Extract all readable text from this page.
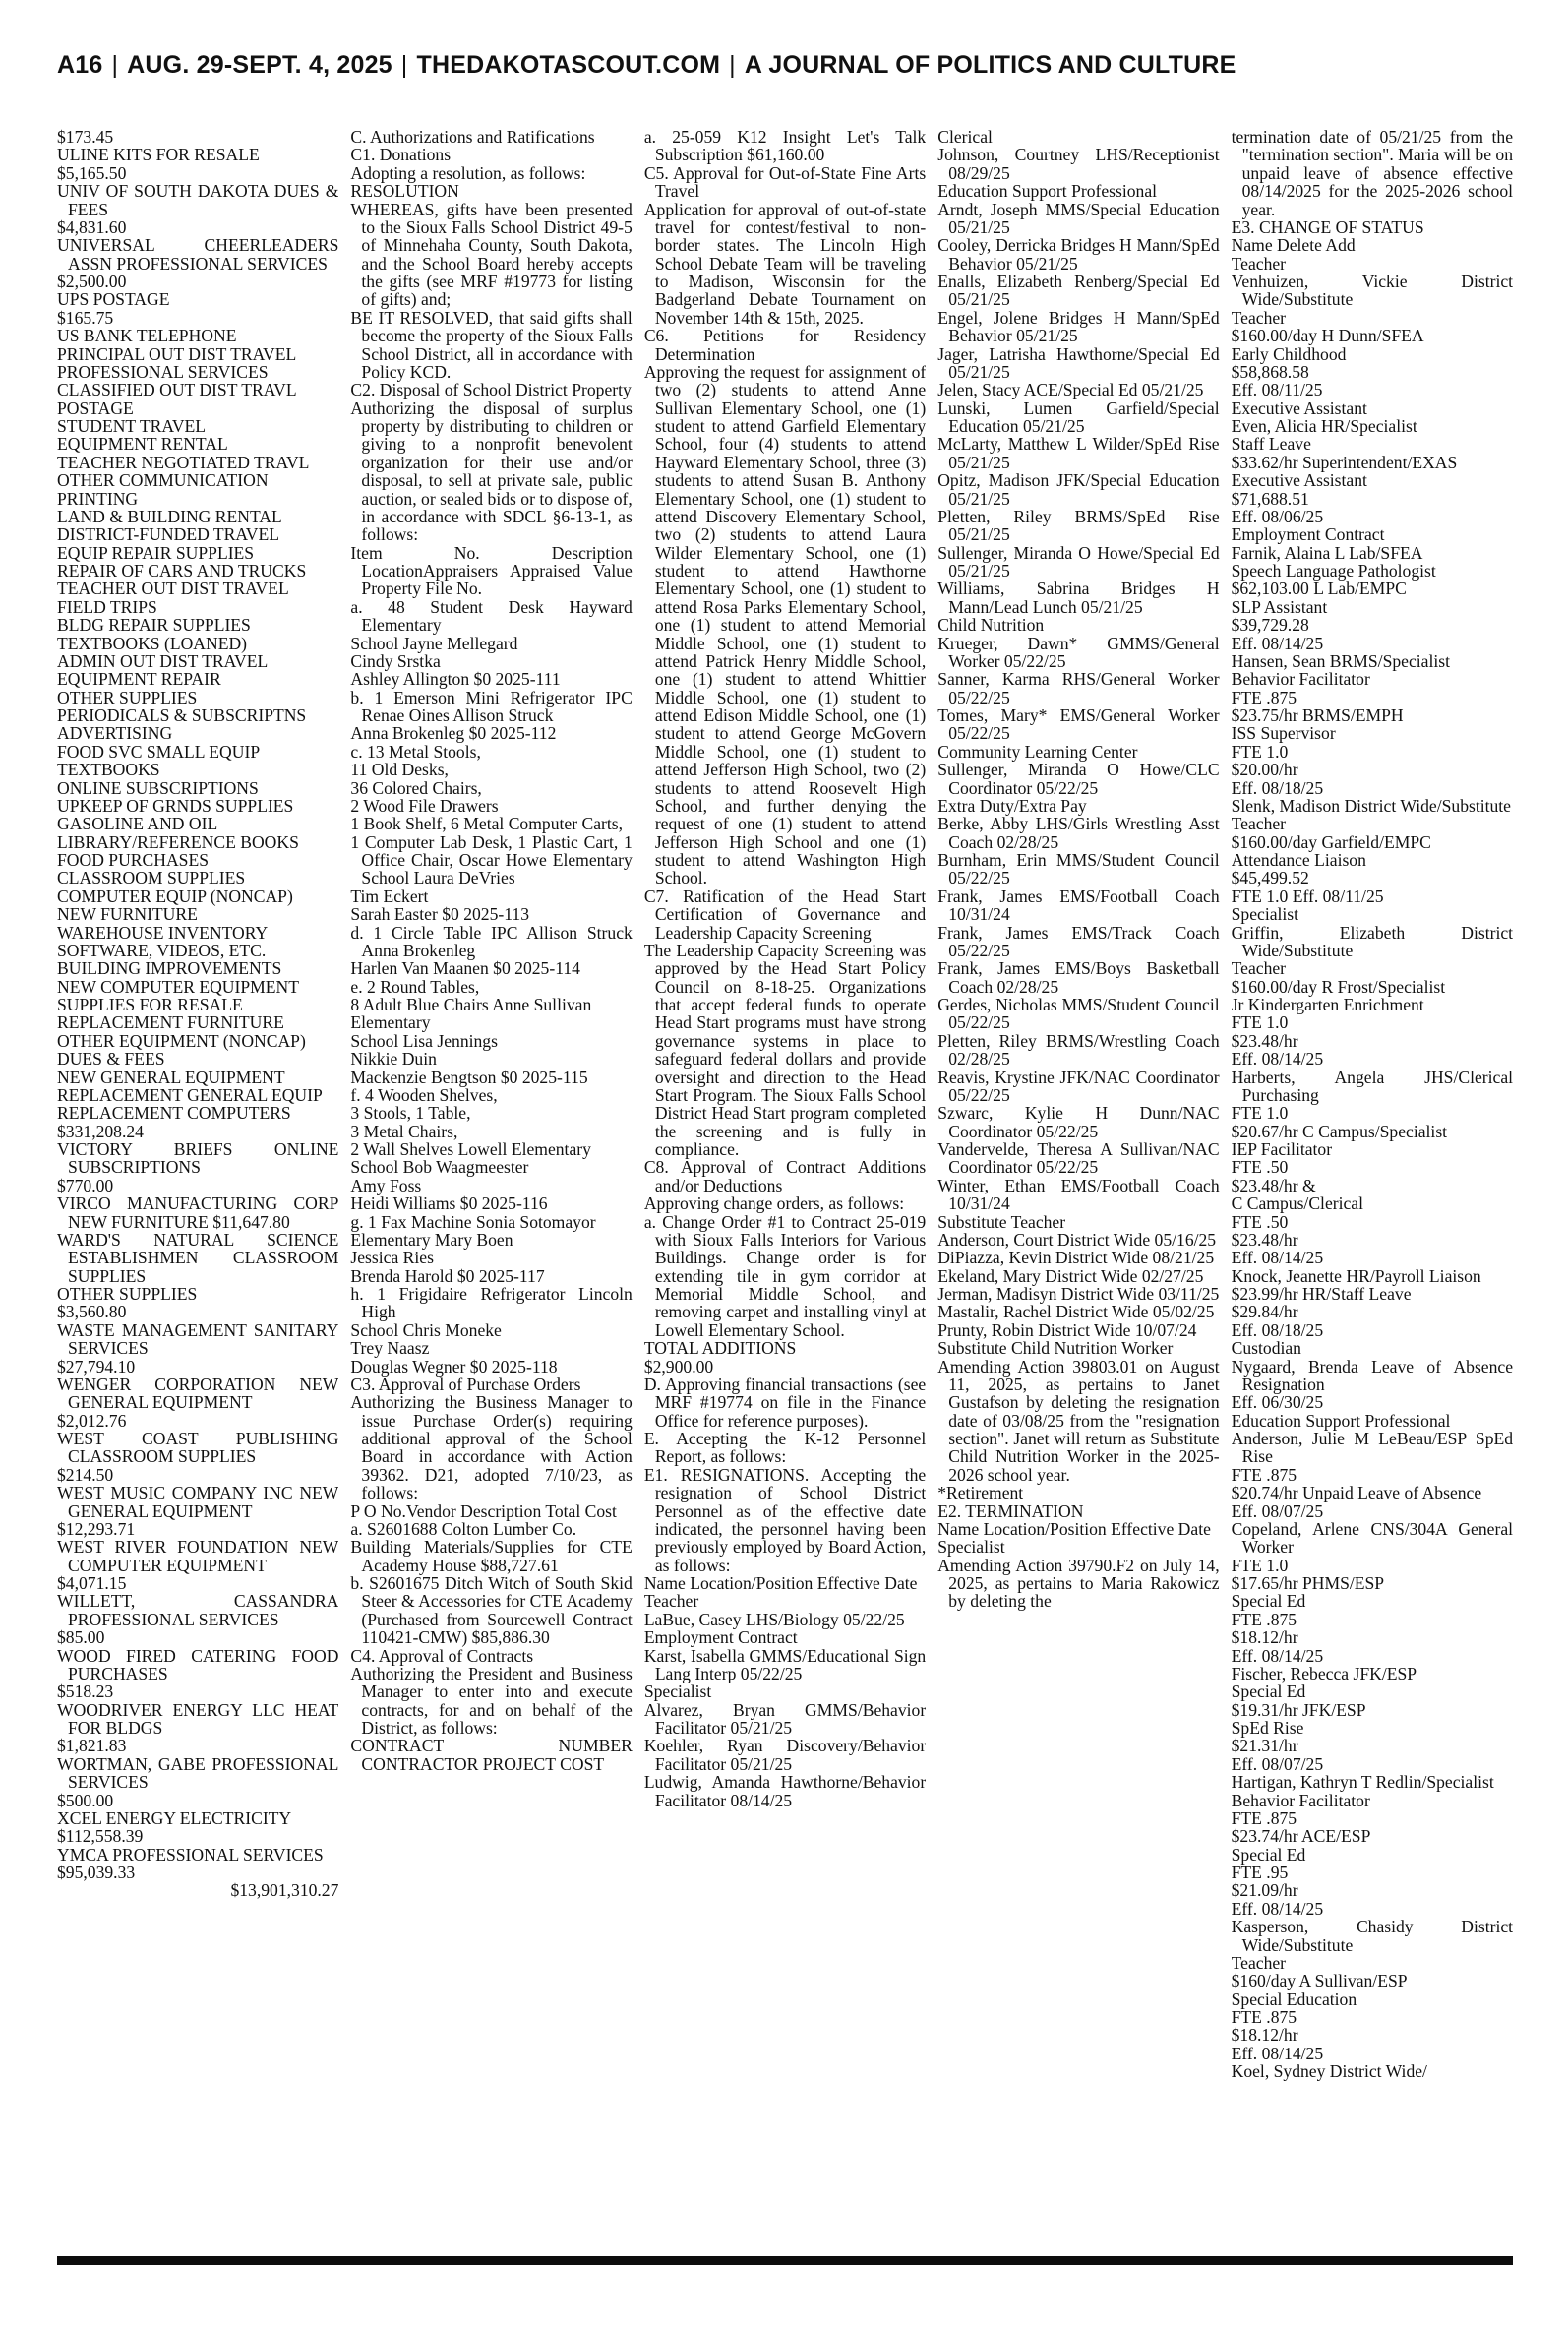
A16 | AUG. 29-SEPT. 4, 2025 | THEDAKOTASCOUT.COM | A JOURNAL OF POLITICS AND CULTURE

$173.45

ULINE KITS FOR RESALE

$5,165.50

UNIV OF SOUTH DAKOTA DUES & FEES

$4,831.60

UNIVERSAL CHEERLEADERS ASSN PROFESSIONAL SERVICES

$2,500.00

UPS POSTAGE

$165.75

US BANK TELEPHONE

PRINCIPAL OUT DIST TRAVEL

PROFESSIONAL SERVICES

CLASSIFIED OUT DIST TRAVL

POSTAGE

STUDENT TRAVEL

EQUIPMENT RENTAL

TEACHER NEGOTIATED TRAVL

OTHER COMMUNICATION

PRINTING

LAND & BUILDING RENTAL

DISTRICT-FUNDED TRAVEL

EQUIP REPAIR SUPPLIES

REPAIR OF CARS AND TRUCKS

TEACHER OUT DIST TRAVEL

FIELD TRIPS

BLDG REPAIR SUPPLIES

TEXTBOOKS (LOANED)

ADMIN OUT DIST TRAVEL

EQUIPMENT REPAIR

OTHER SUPPLIES

PERIODICALS & SUBSCRIPTNS

ADVERTISING

FOOD SVC SMALL EQUIP

TEXTBOOKS

ONLINE SUBSCRIPTIONS

UPKEEP OF GRNDS SUPPLIES

GASOLINE AND OIL

LIBRARY/REFERENCE BOOKS

FOOD PURCHASES

CLASSROOM SUPPLIES

COMPUTER EQUIP (NONCAP)

NEW FURNITURE

WAREHOUSE INVENTORY

SOFTWARE, VIDEOS, ETC.

BUILDING IMPROVEMENTS

NEW COMPUTER EQUIPMENT

SUPPLIES FOR RESALE

REPLACEMENT FURNITURE

OTHER EQUIPMENT (NONCAP)

DUES & FEES

NEW GENERAL EQUIPMENT

REPLACEMENT GENERAL EQUIP

REPLACEMENT COMPUTERS

$331,208.24

VICTORY BRIEFS ONLINE SUBSCRIPTIONS

$770.00

VIRCO MANUFACTURING CORP NEW FURNITURE $11,647.80

WARD'S NATURAL SCIENCE ESTABLISHMEN CLASSROOM SUPPLIES

OTHER SUPPLIES

$3,560.80

WASTE MANAGEMENT SANITARY SERVICES

$27,794.10

WENGER CORPORATION NEW GENERAL EQUIPMENT

$2,012.76

WEST COAST PUBLISHING CLASSROOM SUPPLIES

$214.50

WEST MUSIC COMPANY INC NEW GENERAL EQUIPMENT

$12,293.71

WEST RIVER FOUNDATION NEW COMPUTER EQUIPMENT

$4,071.15

WILLETT, CASSANDRA PROFESSIONAL SERVICES

$85.00

WOOD FIRED CATERING FOOD PURCHASES

$518.23

WOODRIVER ENERGY LLC HEAT FOR BLDGS

$1,821.83

WORTMAN, GABE PROFESSIONAL SERVICES

$500.00

XCEL ENERGY ELECTRICITY

$112,558.39

YMCA PROFESSIONAL SERVICES

$95,039.33

$13,901,310.27

C. Authorizations and Ratifications

C1. Donations

Adopting a resolution, as follows:

RESOLUTION

WHEREAS, gifts have been presented to the Sioux Falls School District 49-5 of Minnehaha County, South Dakota, and the School Board hereby accepts the gifts (see MRF #19773 for listing of gifts) and;

BE IT RESOLVED, that said gifts shall become the property of the Sioux Falls School District, all in accordance with Policy KCD.

C2. Disposal of School District Property

Authorizing the disposal of surplus property by distributing to children or giving to a nonprofit benevolent organization for their use and/or disposal, to sell at private sale, public auction, or sealed bids or to dispose of, in accordance with SDCL §6-13-1, as follows:

Item No. Description LocationAppraisers Appraised Value Property File No.

a. 48 Student Desk Hayward Elementary

School Jayne Mellegard

Cindy Srstka

Ashley Allington $0 2025-111

b. 1 Emerson Mini Refrigerator IPC Renae Oines Allison Struck

Anna Brokenleg $0 2025-112

c. 13 Metal Stools,

11 Old Desks,

36 Colored Chairs,

2 Wood File Drawers

1 Book Shelf, 6 Metal Computer Carts,

1 Computer Lab Desk, 1 Plastic Cart, 1 Office Chair, Oscar Howe Elementary School Laura DeVries

Tim Eckert

Sarah Easter $0 2025-113

d. 1 Circle Table IPC Allison Struck Anna Brokenleg

Harlen Van Maanen $0 2025-114

e. 2 Round Tables,

8 Adult Blue Chairs Anne Sullivan

Elementary

School Lisa Jennings

Nikkie Duin

Mackenzie Bengtson $0 2025-115

f. 4 Wooden Shelves,

3 Stools, 1 Table,

3 Metal Chairs,

2 Wall Shelves Lowell Elementary

School Bob Waagmeester

Amy Foss

Heidi Williams $0 2025-116

g. 1 Fax Machine Sonia Sotomayor

Elementary Mary Boen

Jessica Ries

Brenda Harold $0 2025-117

h. 1 Frigidaire Refrigerator Lincoln High

School Chris Moneke

Trey Naasz

Douglas Wegner $0 2025-118

C3. Approval of Purchase Orders

Authorizing the Business Manager to issue Purchase Order(s) requiring additional approval of the School Board in accordance with Action 39362. D21, adopted 7/10/23, as follows:

P O No.Vendor Description Total Cost

a. S2601688 Colton Lumber Co.

Building Materials/Supplies for CTE Academy House $88,727.61

b. S2601675 Ditch Witch of South Skid Steer & Accessories for CTE Academy (Purchased from Sourcewell Contract 110421-CMW) $85,886.30

C4. Approval of Contracts

Authorizing the President and Business Manager to enter into and execute contracts, for and on behalf of the District, as follows:

CONTRACT NUMBER CONTRACTOR PROJECT COST

a. 25-059 K12 Insight Let's Talk Subscription $61,160.00

C5. Approval for Out-of-State Fine Arts Travel

Application for approval of out-of-state travel for contest/festival to non-border states. The Lincoln High School Debate Team will be traveling to Madison, Wisconsin for the Badgerland Debate Tournament on November 14th & 15th, 2025.

C6. Petitions for Residency Determination

Approving the request for assignment of two (2) students to attend Anne Sullivan Elementary School, one (1) student to attend Garfield Elementary School, four (4) students to attend Hayward Elementary School, three (3) students to attend Susan B. Anthony Elementary School, one (1) student to attend Discovery Elementary School, two (2) students to attend Laura Wilder Elementary School, one (1) student to attend Hawthorne Elementary School, one (1) student to attend Rosa Parks Elementary School, one (1) student to attend Memorial Middle School, one (1) student to attend Patrick Henry Middle School, one (1) student to attend Whittier Middle School, one (1) student to attend Edison Middle School, one (1) student to attend George McGovern Middle School, one (1) student to attend Jefferson High School, two (2) students to attend Roosevelt High School, and further denying the request of one (1) student to attend Jefferson High School and one (1) student to attend Washington High School.

C7. Ratification of the Head Start Certification of Governance and Leadership Capacity Screening

The Leadership Capacity Screening was approved by the Head Start Policy Council on 8-18-25. Organizations that accept federal funds to operate Head Start programs must have strong governance systems in place to safeguard federal dollars and provide oversight and direction to the Head Start Program. The Sioux Falls School District Head Start program completed the screening and is fully in compliance.

C8. Approval of Contract Additions and/or Deductions

Approving change orders, as follows:

a. Change Order #1 to Contract 25-019 with Sioux Falls Interiors for Various Buildings. Change order is for extending tile in gym corridor at Memorial Middle School, and removing carpet and installing vinyl at Lowell Elementary School.

TOTAL ADDITIONS

$2,900.00

D. Approving financial transactions (see MRF #19774 on file in the Finance Office for reference purposes).

E. Accepting the K-12 Personnel Report, as follows:

E1. RESIGNATIONS. Accepting the resignation of School District Personnel as of the effective date indicated, the personnel having been previously employed by Board Action, as follows:

Name Location/Position Effective Date

Teacher

LaBue, Casey LHS/Biology 05/22/25

Employment Contract

Karst, Isabella GMMS/Educational Sign Lang Interp 05/22/25

Specialist

Alvarez, Bryan GMMS/Behavior Facilitator 05/21/25

Koehler, Ryan Discovery/Behavior Facilitator 05/21/25

Ludwig, Amanda Hawthorne/Behavior Facilitator 08/14/25

Clerical

Johnson, Courtney LHS/Receptionist 08/29/25

Education Support Professional

Arndt, Joseph MMS/Special Education 05/21/25

Cooley, Derricka Bridges H Mann/SpEd Behavior 05/21/25

Enalls, Elizabeth Renberg/Special Ed 05/21/25

Engel, Jolene Bridges H Mann/SpEd Behavior 05/21/25

Jager, Latrisha Hawthorne/Special Ed 05/21/25

Jelen, Stacy ACE/Special Ed 05/21/25

Lunski, Lumen Garfield/Special Education 05/21/25

McLarty, Matthew L Wilder/SpEd Rise 05/21/25

Opitz, Madison JFK/Special Education 05/21/25

Pletten, Riley BRMS/SpEd Rise 05/21/25

Sullenger, Miranda O Howe/Special Ed 05/21/25

Williams, Sabrina Bridges H Mann/Lead Lunch 05/21/25

Child Nutrition

Krueger, Dawn* GMMS/General Worker 05/22/25

Sanner, Karma RHS/General Worker 05/22/25

Tomes, Mary* EMS/General Worker 05/22/25

Community Learning Center

Sullenger, Miranda O Howe/CLC Coordinator 05/22/25

Extra Duty/Extra Pay

Berke, Abby LHS/Girls Wrestling Asst Coach 02/28/25

Burnham, Erin MMS/Student Council 05/22/25

Frank, James EMS/Football Coach 10/31/24

Frank, James EMS/Track Coach 05/22/25

Frank, James EMS/Boys Basketball Coach 02/28/25

Gerdes, Nicholas MMS/Student Council 05/22/25

Pletten, Riley BRMS/Wrestling Coach 02/28/25

Reavis, Krystine JFK/NAC Coordinator 05/22/25

Szwarc, Kylie H Dunn/NAC Coordinator 05/22/25

Vandervelde, Theresa A Sullivan/NAC Coordinator 05/22/25

Winter, Ethan EMS/Football Coach 10/31/24

Substitute Teacher

Anderson, Court District Wide 05/16/25

DiPiazza, Kevin District Wide 08/21/25

Ekeland, Mary District Wide 02/27/25

Jerman, Madisyn District Wide 03/11/25

Mastalir, Rachel District Wide 05/02/25

Prunty, Robin District Wide 10/07/24

Substitute Child Nutrition Worker

Amending Action 39803.01 on August 11, 2025, as pertains to Janet Gustafson by deleting the resignation date of 03/08/25 from the "resignation section". Janet will return as Substitute Child Nutrition Worker in the 2025-2026 school year.

*Retirement

E2. TERMINATION

Name Location/Position Effective Date

Specialist

Amending Action 39790.F2 on July 14, 2025, as pertains to Maria Rakowicz by deleting the

termination date of 05/21/25 from the "termination section". Maria will be on unpaid leave of absence effective 08/14/2025 for the 2025-2026 school year.

E3. CHANGE OF STATUS

Name Delete Add

Teacher

Venhuizen, Vickie District Wide/Substitute

Teacher

$160.00/day H Dunn/SFEA

Early Childhood

$58,868.58

Eff. 08/11/25

Executive Assistant

Even, Alicia HR/Specialist

Staff Leave

$33.62/hr Superintendent/EXAS

Executive Assistant

$71,688.51

Eff. 08/06/25

Employment Contract

Farnik, Alaina L Lab/SFEA

Speech Language Pathologist

$62,103.00 L Lab/EMPC

SLP Assistant

$39,729.28

Eff. 08/14/25

Hansen, Sean BRMS/Specialist

Behavior Facilitator

FTE .875

$23.75/hr BRMS/EMPH

ISS Supervisor

FTE 1.0

$20.00/hr

Eff. 08/18/25

Slenk, Madison District Wide/Substitute

Teacher

$160.00/day Garfield/EMPC

Attendance Liaison

$45,499.52

FTE 1.0 Eff. 08/11/25

Specialist

Griffin, Elizabeth District Wide/Substitute

Teacher

$160.00/day R Frost/Specialist

Jr Kindergarten Enrichment

FTE 1.0

$23.48/hr

Eff. 08/14/25

Harberts, Angela JHS/Clerical Purchasing

FTE 1.0

$20.67/hr C Campus/Specialist

IEP Facilitator

FTE .50

$23.48/hr &

C Campus/Clerical

FTE .50

$23.48/hr

Eff. 08/14/25

Knock, Jeanette HR/Payroll Liaison

$23.99/hr HR/Staff Leave

$29.84/hr

Eff. 08/18/25

Custodian

Nygaard, Brenda Leave of Absence Resignation

Eff. 06/30/25

Education Support Professional

Anderson, Julie M LeBeau/ESP SpEd Rise

FTE .875

$20.74/hr Unpaid Leave of Absence

Eff. 08/07/25

Copeland, Arlene CNS/304A General Worker

FTE 1.0

$17.65/hr PHMS/ESP

Special Ed

FTE .875

$18.12/hr

Eff. 08/14/25

Fischer, Rebecca JFK/ESP

Special Ed

$19.31/hr JFK/ESP

SpEd Rise

$21.31/hr

Eff. 08/07/25

Hartigan, Kathryn T Redlin/Specialist

Behavior Facilitator

FTE .875

$23.74/hr ACE/ESP

Special Ed

FTE .95

$21.09/hr

Eff. 08/14/25

Kasperson, Chasidy District Wide/Substitute

Teacher

$160/day A Sullivan/ESP

Special Education

FTE .875

$18.12/hr

Eff. 08/14/25

Koel, Sydney District Wide/
